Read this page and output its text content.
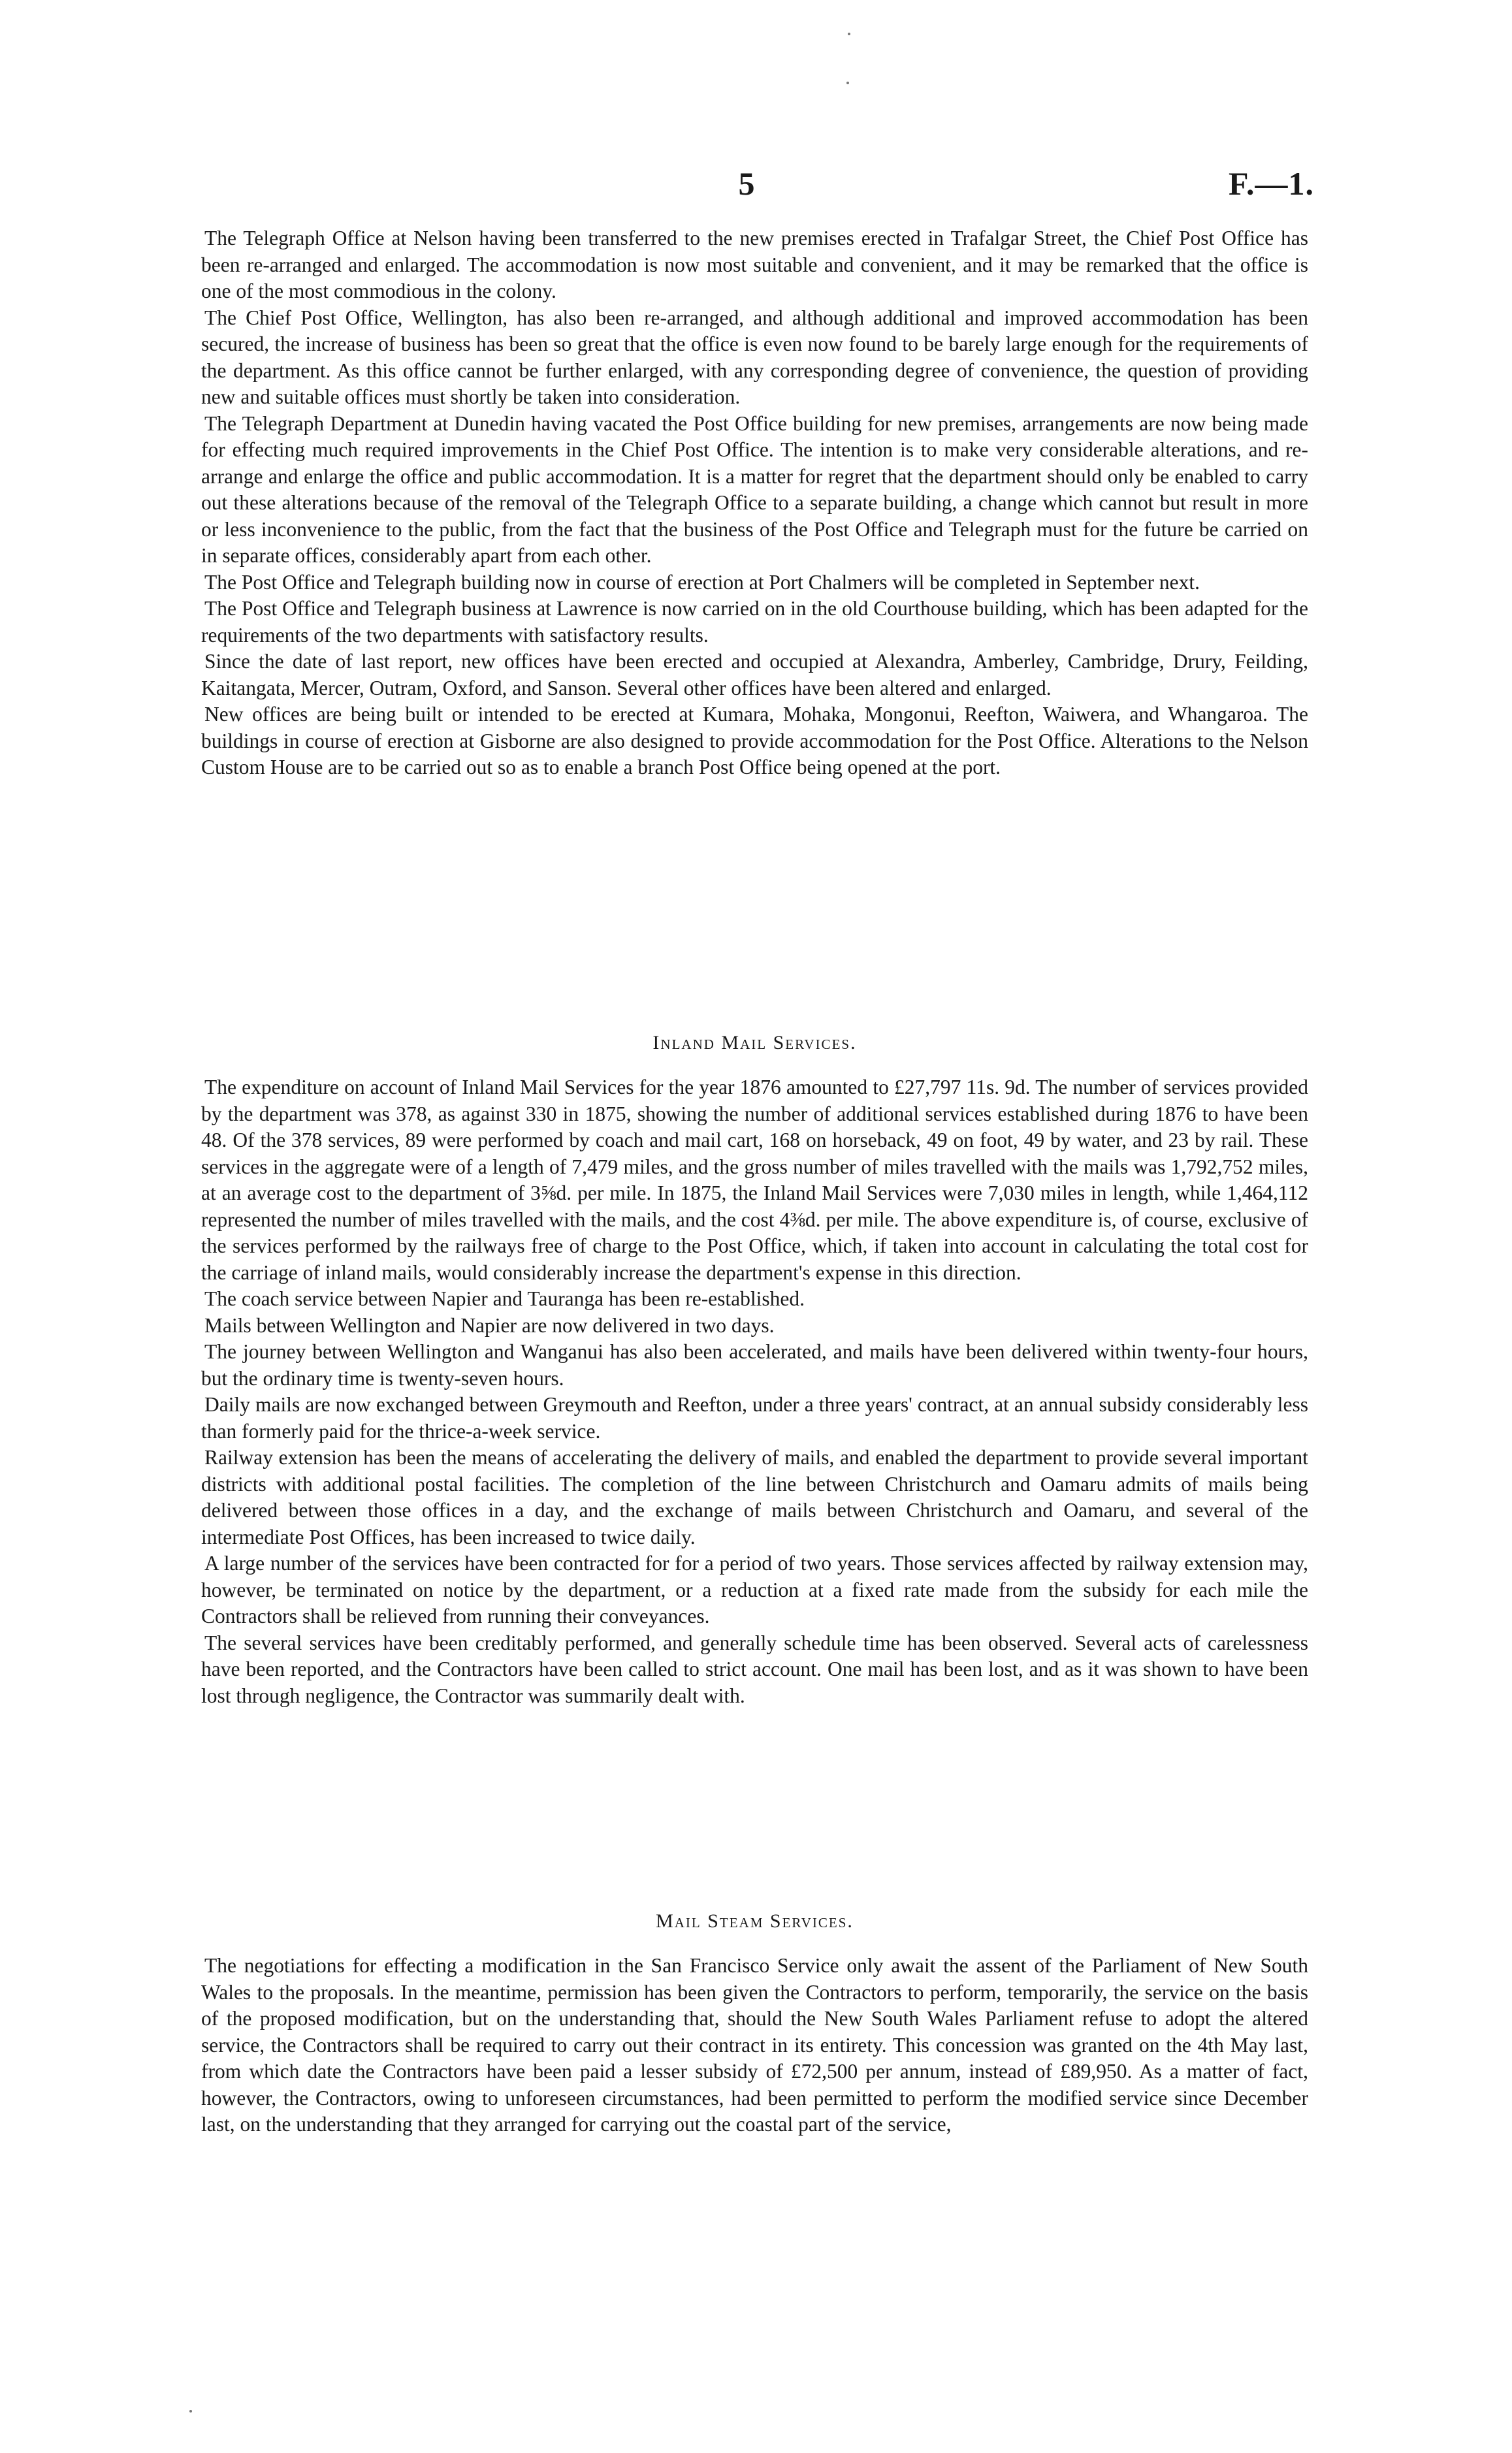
5	F.—1.

The Telegraph Office at Nelson having been transferred to the new premises erected in Trafalgar Street, the Chief Post Office has been re-arranged and enlarged. The accommodation is now most suitable and convenient, and it may be remarked that the office is one of the most commodious in the colony.

The Chief Post Office, Wellington, has also been re-arranged, and although additional and improved accommodation has been secured, the increase of business has been so great that the office is even now found to be barely large enough for the requirements of the department. As this office cannot be further enlarged, with any corresponding degree of convenience, the question of providing new and suitable offices must shortly be taken into consideration.

The Telegraph Department at Dunedin having vacated the Post Office building for new premises, arrangements are now being made for effecting much required improvements in the Chief Post Office. The intention is to make very considerable alterations, and re-arrange and enlarge the office and public accommodation. It is a matter for regret that the department should only be enabled to carry out these alterations because of the removal of the Telegraph Office to a separate building, a change which cannot but result in more or less inconvenience to the public, from the fact that the business of the Post Office and Telegraph must for the future be carried on in separate offices, considerably apart from each other.

The Post Office and Telegraph building now in course of erection at Port Chalmers will be completed in September next.

The Post Office and Telegraph business at Lawrence is now carried on in the old Courthouse building, which has been adapted for the requirements of the two departments with satisfactory results.

Since the date of last report, new offices have been erected and occupied at Alexandra, Amberley, Cambridge, Drury, Feilding, Kaitangata, Mercer, Outram, Oxford, and Sanson. Several other offices have been altered and enlarged.

New offices are being built or intended to be erected at Kumara, Mohaka, Mongonui, Reefton, Waiwera, and Whangaroa. The buildings in course of erection at Gisborne are also designed to provide accommodation for the Post Office. Alterations to the Nelson Custom House are to be carried out so as to enable a branch Post Office being opened at the port.

Inland Mail Services.

The expenditure on account of Inland Mail Services for the year 1876 amounted to £27,797 11s. 9d. The number of services provided by the department was 378, as against 330 in 1875, showing the number of additional services established during 1876 to have been 48. Of the 378 services, 89 were performed by coach and mail cart, 168 on horseback, 49 on foot, 49 by water, and 23 by rail. These services in the aggregate were of a length of 7,479 miles, and the gross number of miles travelled with the mails was 1,792,752 miles, at an average cost to the department of 3⅝d. per mile. In 1875, the Inland Mail Services were 7,030 miles in length, while 1,464,112 represented the number of miles travelled with the mails, and the cost 4⅜d. per mile. The above expenditure is, of course, exclusive of the services performed by the railways free of charge to the Post Office, which, if taken into account in calculating the total cost for the carriage of inland mails, would considerably increase the department's expense in this direction.

The coach service between Napier and Tauranga has been re-established.

Mails between Wellington and Napier are now delivered in two days.

The journey between Wellington and Wanganui has also been accelerated, and mails have been delivered within twenty-four hours, but the ordinary time is twenty-seven hours.

Daily mails are now exchanged between Greymouth and Reefton, under a three years' contract, at an annual subsidy considerably less than formerly paid for the thrice-a-week service.

Railway extension has been the means of accelerating the delivery of mails, and enabled the department to provide several important districts with additional postal facilities. The completion of the line between Christchurch and Oamaru admits of mails being delivered between those offices in a day, and the exchange of mails between Christchurch and Oamaru, and several of the intermediate Post Offices, has been increased to twice daily.

A large number of the services have been contracted for for a period of two years. Those services affected by railway extension may, however, be terminated on notice by the department, or a reduction at a fixed rate made from the subsidy for each mile the Contractors shall be relieved from running their conveyances.

The several services have been creditably performed, and generally schedule time has been observed. Several acts of carelessness have been reported, and the Contractors have been called to strict account. One mail has been lost, and as it was shown to have been lost through negligence, the Contractor was summarily dealt with.

Mail Steam Services.

The negotiations for effecting a modification in the San Francisco Service only await the assent of the Parliament of New South Wales to the proposals. In the meantime, permission has been given the Contractors to perform, temporarily, the service on the basis of the proposed modification, but on the understanding that, should the New South Wales Parliament refuse to adopt the altered service, the Contractors shall be required to carry out their contract in its entirety. This concession was granted on the 4th May last, from which date the Contractors have been paid a lesser subsidy of £72,500 per annum, instead of £89,950. As a matter of fact, however, the Contractors, owing to unforeseen circumstances, had been permitted to perform the modified service since December last, on the understanding that they arranged for carrying out the coastal part of the service,
